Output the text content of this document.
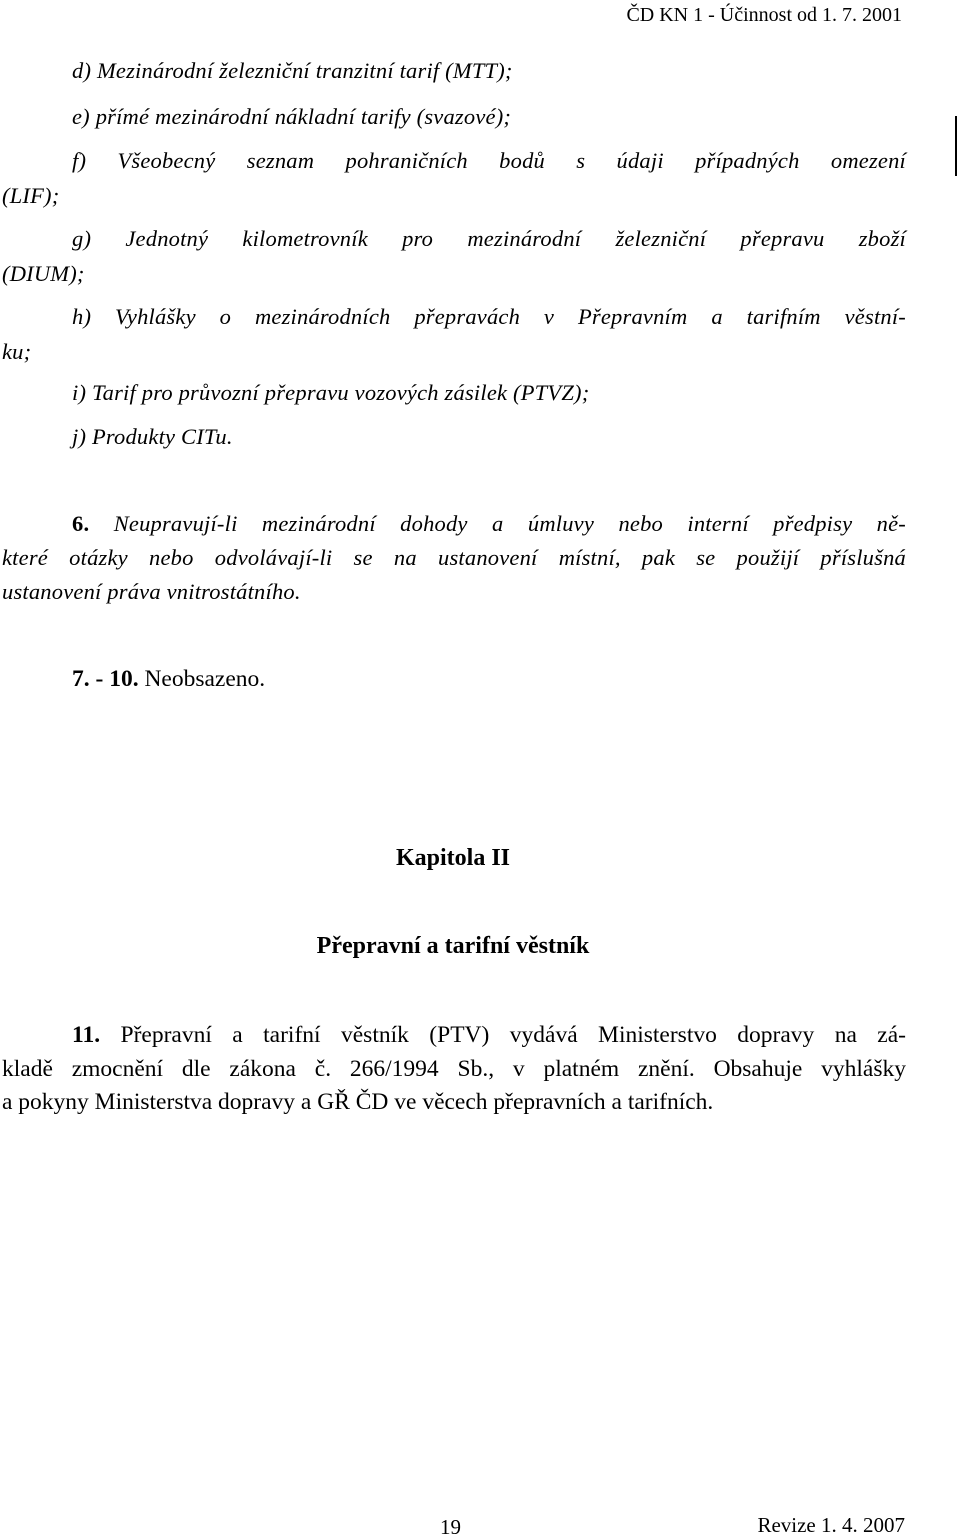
ČD KN 1 - Účinnost od 1. 7. 2001
d) Mezinárodní železniční tranzitní tarif (MTT);
e) přímé mezinárodní nákladní tarify (svazové);
f) Všeobecný seznam pohraničních bodů s údaji případných omezení
(LIF);
g) Jednotný kilometrovník pro mezinárodní železniční přepravu zboží
(DIUM);
h) Vyhlášky o mezinárodních přepravách v Přepravním a tarifním věstní-
ku;
i) Tarif pro průvozní přepravu vozových zásilek (PTVZ);
j) Produkty CITu.
6. Neupravují-li mezinárodní dohody a úmluvy nebo interní předpisy ně-
které otázky nebo odvolávají-li se na ustanovení místní, pak se použijí příslušná
ustanovení práva vnitrostátního.
7. - 10. Neobsazeno.
Kapitola II
Přepravní a tarifní věstník
11. Přepravní a tarifní věstník (PTV) vydává Ministerstvo dopravy na zá-
kladě zmocnění dle zákona č. 266/1994 Sb., v platném znění. Obsahuje vyhlášky
a pokyny Ministerstva dopravy a GŘ ČD ve věcech přepravních a tarifních.
19	Revize 1. 4. 2007
